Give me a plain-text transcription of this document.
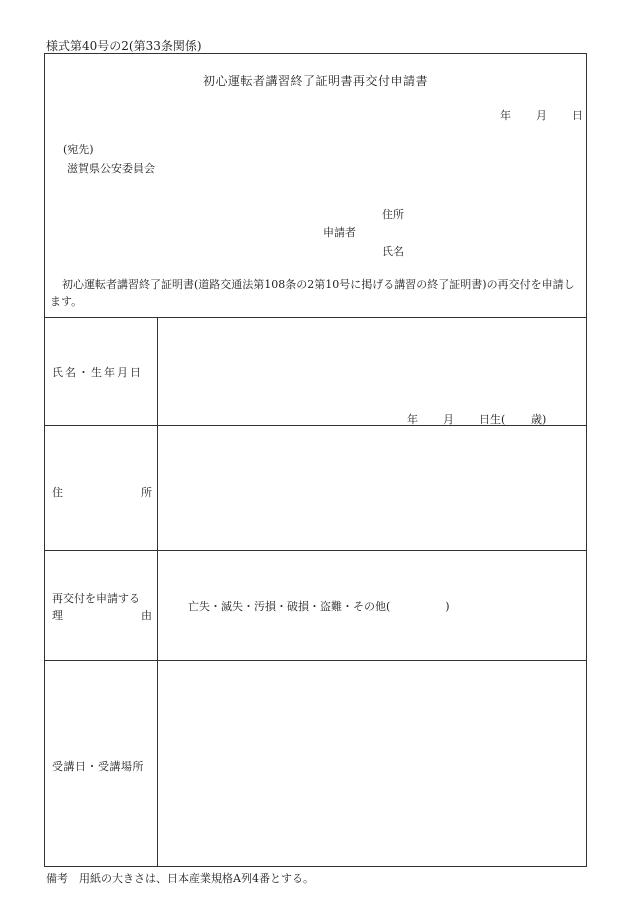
様式第40号の2(第33条関係)
初心運転者講習終了証明書再交付申請書
年 月 日
(宛先)
滋賀県公安委員会
住所
申請者
氏名
初心運転者講習終了証明書(道路交通法第108条の2第10号に掲げる講習の終了証明書)の再交付を申請します。
氏名・生年月日
年 月 日生( 歳)
住	所
再交付を申請する
理	由
亡失・滅失・汚損・破損・盗難・その他(　　　　　)
受講日・受講場所
備考　用紙の大きさは、日本産業規格A列4番とする。
